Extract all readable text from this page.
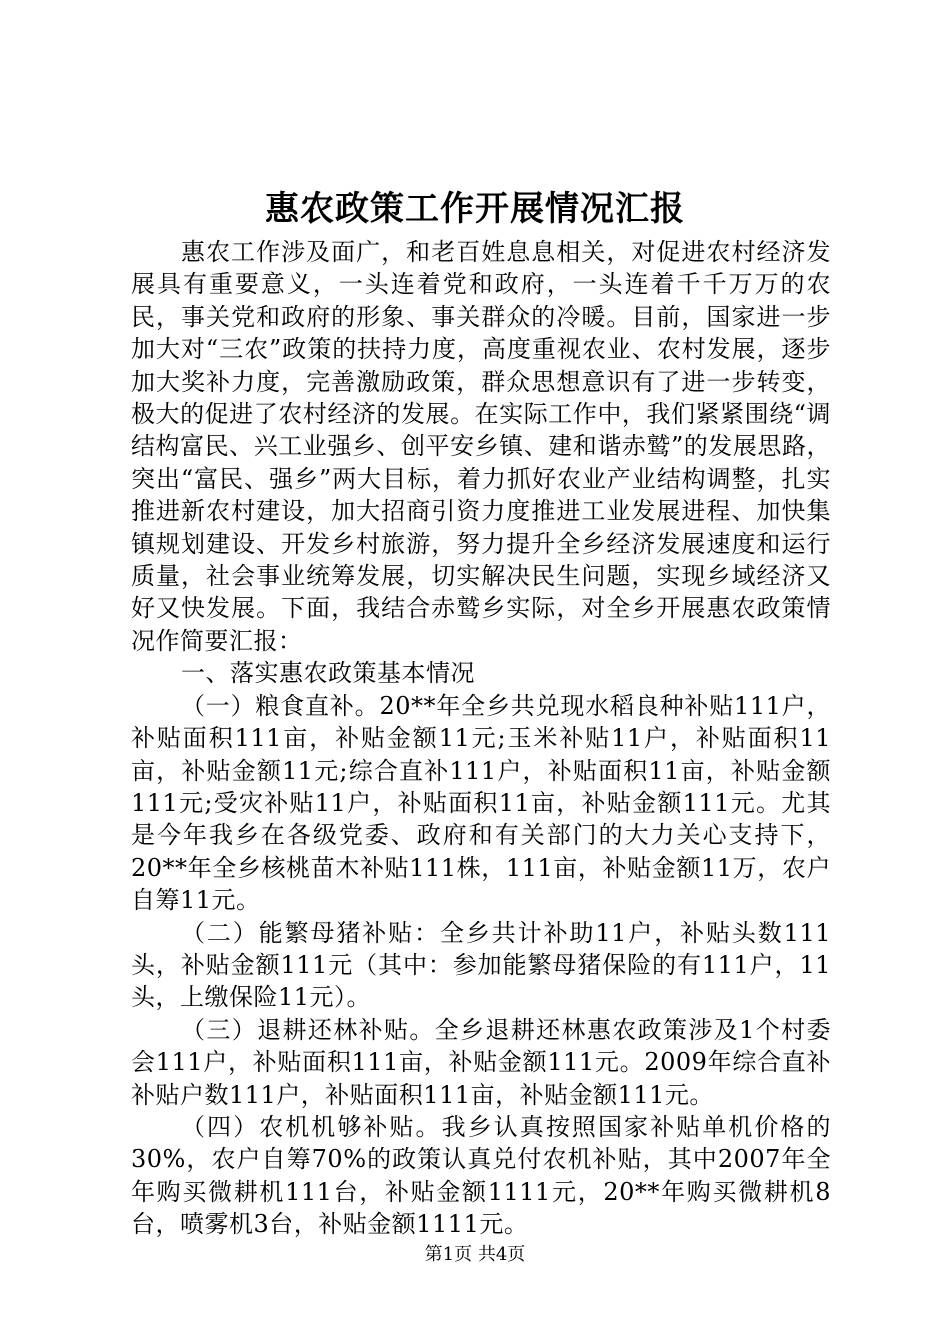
惠农政策工作开展情况汇报

惠农工作涉及面广，和老百姓息息相关，对促进农村经济发展具有重要意义，一头连着党和政府，一头连着千千万万的农民，事关党和政府的形象、事关群众的冷暖。目前，国家进一步加大对“三农”政策的扶持力度，高度重视农业、农村发展，逐步加大奖补力度，完善激励政策，群众思想意识有了进一步转变，极大的促进了农村经济的发展。在实际工作中，我们紧紧围绕“调结构富民、兴工业强乡、创平安乡镇、建和谐赤鹫”的发展思路，突出“富民、强乡”两大目标，着力抓好农业产业结构调整，扎实推进新农村建设，加大招商引资力度推进工业发展进程、加快集镇规划建设、开发乡村旅游，努力提升全乡经济发展速度和运行质量，社会事业统筹发展，切实解决民生问题，实现乡域经济又好又快发展。下面，我结合赤鹫乡实际，对全乡开展惠农政策情况作简要汇报：

一、落实惠农政策基本情况

（一）粮食直补。20**年全乡共兑现水稻良种补贴111户，补贴面积111亩，补贴金额11元;玉米补贴11户，补贴面积11亩，补贴金额11元;综合直补111户，补贴面积11亩，补贴金额111元;受灾补贴11户，补贴面积11亩，补贴金额111元。尤其是今年我乡在各级党委、政府和有关部门的大力关心支持下，20**年全乡核桃苗木补贴111株，111亩，补贴金额11万，农户自筹11元。

（二）能繁母猪补贴：全乡共计补助11户，补贴头数111头，补贴金额111元（其中：参加能繁母猪保险的有111户，11头，上缴保险11元）。

（三）退耕还林补贴。全乡退耕还林惠农政策涉及1个村委会111户，补贴面积111亩，补贴金额111元。2009年综合直补补贴户数111户，补贴面积111亩，补贴金额111元。

（四）农机机够补贴。我乡认真按照国家补贴单机价格的30%，农户自筹70%的政策认真兑付农机补贴，其中2007年全年购买微耕机111台，补贴金额1111元，20**年购买微耕机8台，喷雾机3台，补贴金额1111元。

第1页 共4页
